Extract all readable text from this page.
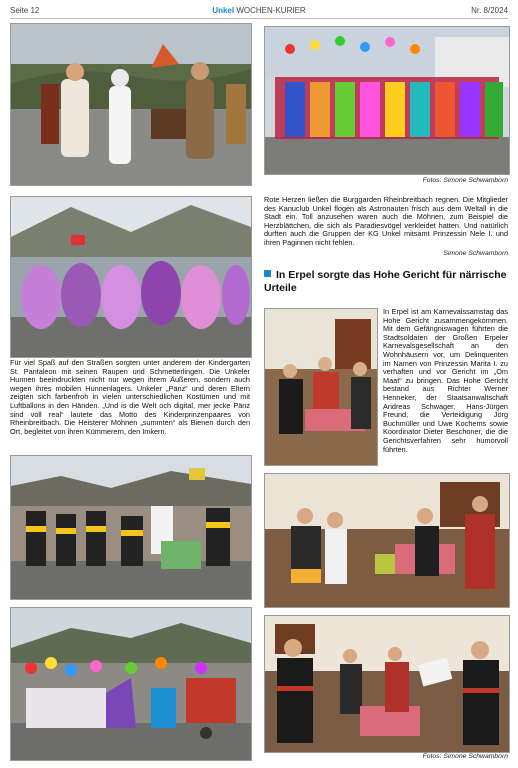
Seite 12	Unkel WOCHEN-KURIER	Nr. 8/2024
Fotos: Simone Schwamborn
Rote Herzen ließen die Burggarden Rheinbreitbach regnen. Die Mitglieder des Kanuclub Unkel flogen als Astronauten frisch aus dem Weltall in die Stadt ein. Toll anzusehen waren auch die Möhnen, zum Beispiel die Herzblättchen, die sich als Paradiesvögel verkleidet hatten. Und natürlich durften auch die Gruppen der KG Unkel mitsamt Prinzessin Nele I. und ihren Paginnen nicht fehlen.
Simone Schwamborn
In Erpel sorgte das Hohe Gericht für närrische Urteile
Für viel Spaß auf den Straßen sorgten unter anderem der Kindergarten St. Pantaleon mit seinen Raupen und Schmetterlingen. Die Unkeler Hunnen beeindruckten nicht nur wegen ihrem Äußeren, sondern auch wegen ihres mobilen Hunnenlagers. Unkeler „Pänz“ und deren Eltern zeigten sich farbenfroh in vielen unterschiedlichen Kostümen und mit Luftballons in den Händen. „Und is die Welt och digital, mer jecke Pänz sind voll real“ lautete das Motto des Kinderprinzenpaares von Rheinbreitbach. Die Heisterer Möhnen „summten“ als Bienen durch den Ort, begleitet von ihren Kümmerern, den Imkern.
In Erpel ist am Karnevalssamstag das Hohe Gericht zusammengekommen. Mit dem Gefängniswagen führten die Stadtsoldaten der Großen Erpeler Karnevalsgesellschaft an den Wohnhäusern vor, um Delinquenten im Namen von Prinzessin Marita I. zu verhaften und vor Gericht im „Om Maat“ zu bringen. Das Hohe Gericht bestand aus Richter Werner Henneker, der Staatsanwaltschaft Andreas Schwager, Hans-Jürgen Freund, die Verteidigung Jörg Buchmüller und Uwe Kochems sowie Koordinator Dieter Beschoner, die die Gerichtsverfahren sehr humorvoll führten.
Fotos: Simone Schwamborn
